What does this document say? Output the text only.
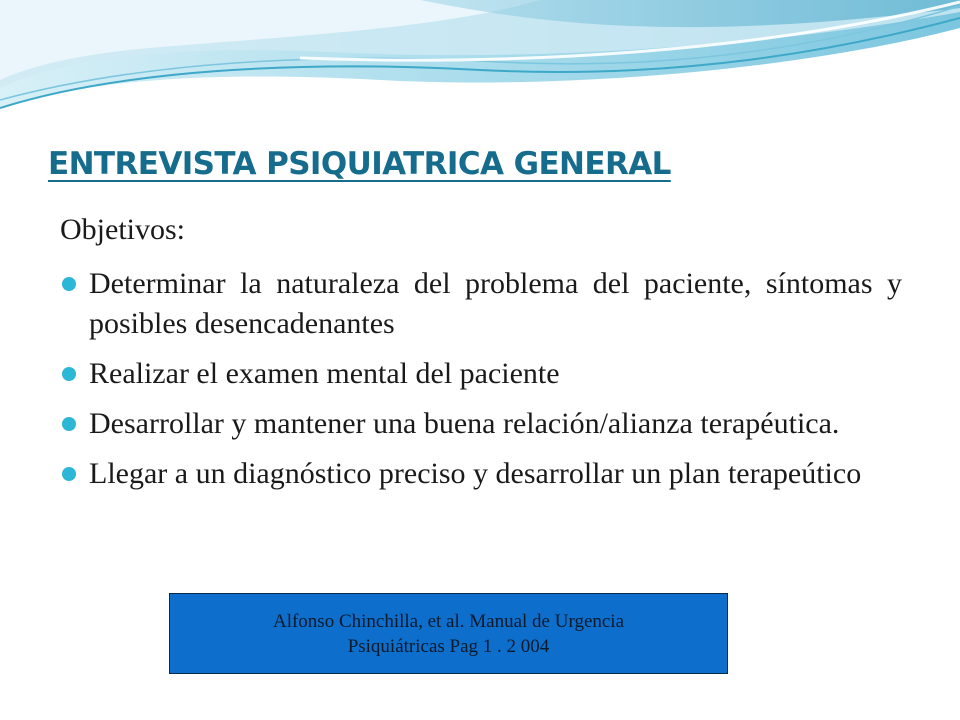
ENTREVISTA PSIQUIATRICA GENERAL
Objetivos:
Determinar la naturaleza del problema del paciente, síntomas y posibles desencadenantes
Realizar el examen mental del paciente
Desarrollar y mantener una buena relación/alianza terapéutica.
Llegar a un diagnóstico preciso y desarrollar un plan terapeútico
Alfonso Chinchilla, et al. Manual de Urgencia
Psiquiátricas Pag 1 . 2 004
